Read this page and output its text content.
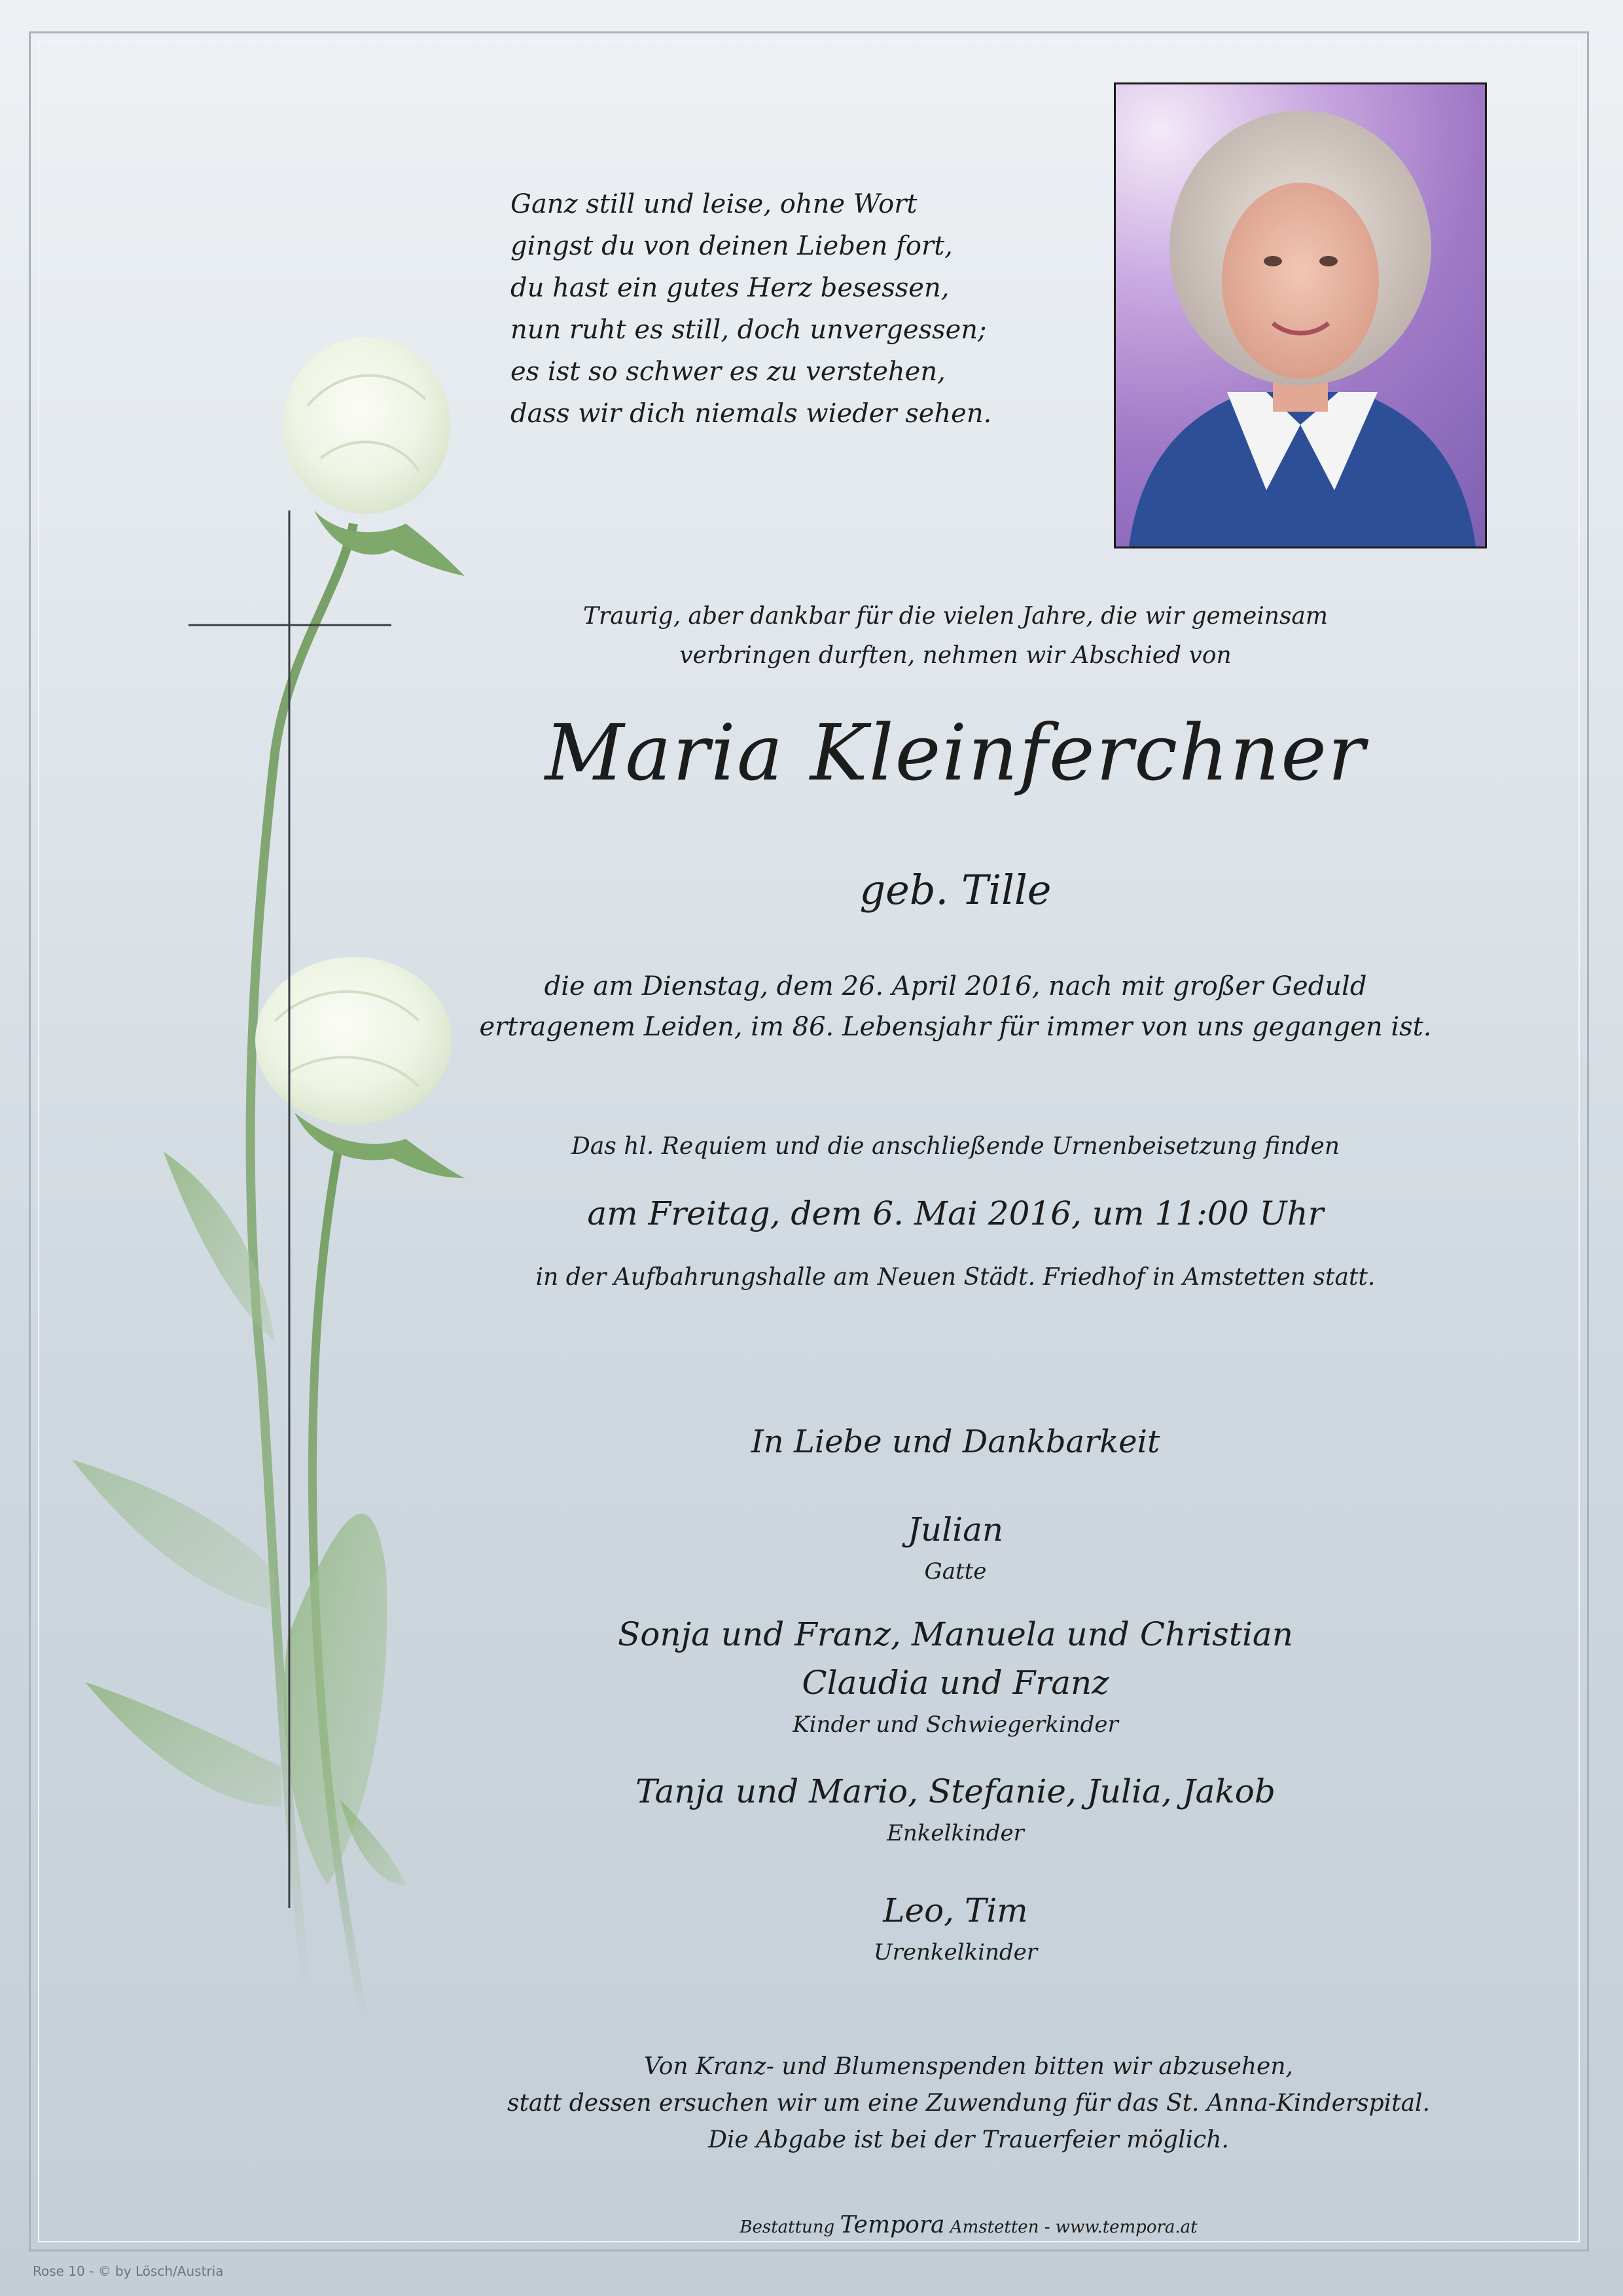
Ganz still und leise, ohne Wort
gingst du von deinen Lieben fort,
du hast ein gutes Herz besessen,
nun ruht es still, doch unvergessen;
es ist so schwer es zu verstehen,
dass wir dich niemals wieder sehen.
Traurig, aber dankbar für die vielen Jahre, die wir gemeinsam
verbringen durften, nehmen wir Abschied von
Maria Kleinferchner
geb. Tille
die am Dienstag, dem 26. April 2016, nach mit großer Geduld
ertragenem Leiden, im 86. Lebensjahr für immer von uns gegangen ist.
Das hl. Requiem und die anschließende Urnenbeisetzung finden
am Freitag, dem 6. Mai 2016, um 11:00 Uhr
in der Aufbahrungshalle am Neuen Städt. Friedhof in Amstetten statt.
In Liebe und Dankbarkeit
Julian
Gatte
Sonja und Franz, Manuela und Christian
Claudia und Franz
Kinder und Schwiegerkinder
Tanja und Mario, Stefanie, Julia, Jakob
Enkelkinder
Leo, Tim
Urenkelkinder
Von Kranz- und Blumenspenden bitten wir abzusehen,
statt dessen ersuchen wir um eine Zuwendung für das St. Anna-Kinderspital.
Die Abgabe ist bei der Trauerfeier möglich.
Bestattung Tempora Amstetten - www.tempora.at
Rose 10 - © by Lösch/Austria
